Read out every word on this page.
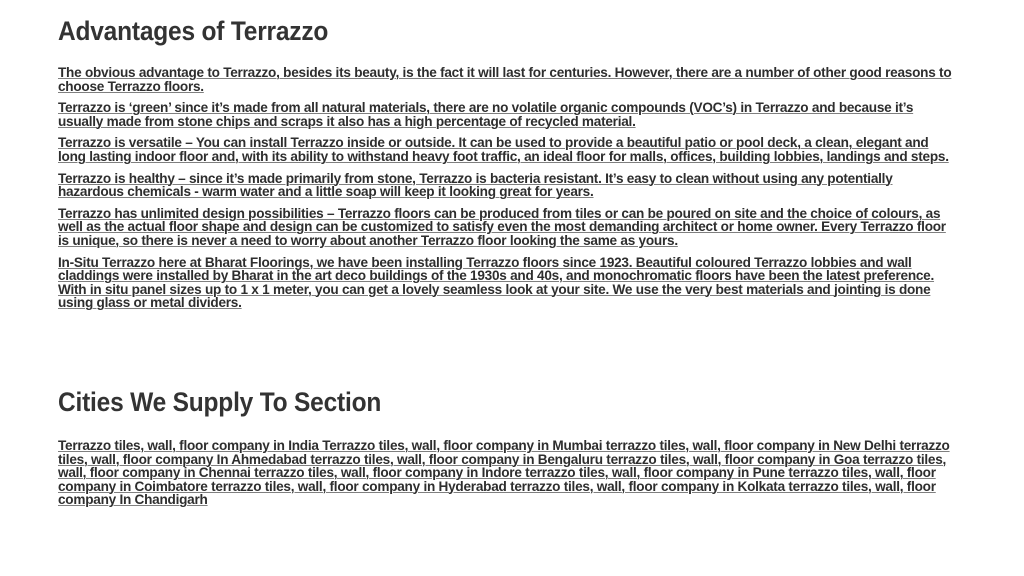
Advantages of Terrazzo

The obvious advantage to Terrazzo, besides its beauty, is the fact it will last for centuries. However, there are a number of other good reasons to choose Terrazzo floors.

Terrazzo is ‘green’ since it’s made from all natural materials, there are no volatile organic compounds (VOC’s) in Terrazzo and because it’s usually made from stone chips and scraps it also has a high percentage of recycled material.

Terrazzo is versatile – You can install Terrazzo inside or outside. It can be used to provide a beautiful patio or pool deck, a clean, elegant and long lasting indoor floor and, with its ability to withstand heavy foot traffic, an ideal floor for malls, offices, building lobbies, landings and steps.

Terrazzo is healthy – since it’s made primarily from stone, Terrazzo is bacteria resistant. It’s easy to clean without using any potentially hazardous chemicals - warm water and a little soap will keep it looking great for years.

Terrazzo has unlimited design possibilities – Terrazzo floors can be produced from tiles or can be poured on site and the choice of colours, as well as the actual floor shape and design can be customized to satisfy even the most demanding architect or home owner. Every Terrazzo floor is unique, so there is never a need to worry about another Terrazzo floor looking the same as yours.

In-Situ Terrazzo here at Bharat Floorings, we have been installing Terrazzo floors since 1923. Beautiful coloured Terrazzo lobbies and wall claddings were installed by Bharat in the art deco buildings of the 1930s and 40s, and monochromatic floors have been the latest preference. With in situ panel sizes up to 1 x 1 meter, you can get a lovely seamless look at your site. We use the very best materials and jointing is done using glass or metal dividers.

Cities We Supply To Section

Terrazzo tiles, wall, floor company in India Terrazzo tiles, wall, floor company in Mumbai terrazzo tiles, wall, floor company in New Delhi terrazzo tiles, wall, floor company In Ahmedabad terrazzo tiles, wall, floor company in Bengaluru terrazzo tiles, wall, floor company in Goa terrazzo tiles, wall, floor company in Chennai terrazzo tiles, wall, floor company in Indore terrazzo tiles, wall, floor company in Pune terrazzo tiles, wall, floor company in Coimbatore terrazzo tiles, wall, floor company in Hyderabad terrazzo tiles, wall, floor company in Kolkata terrazzo tiles, wall, floor company In Chandigarh
